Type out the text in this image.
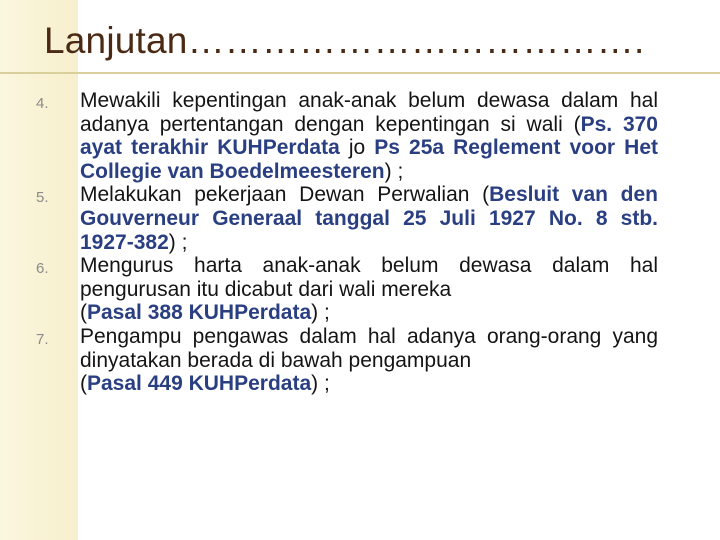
Lanjutan……………………………….
4.	Mewakili kepentingan anak-anak belum dewasa dalam hal adanya pertentangan dengan kepentingan si wali (Ps. 370 ayat terakhir KUHPerdata jo Ps 25a Reglement voor Het Collegie van Boedelmeesteren) ;
5.	Melakukan pekerjaan Dewan Perwalian (Besluit van den Gouverneur Generaal tanggal 25 Juli 1927 No. 8 stb. 1927-382) ;
6.	Mengurus harta anak-anak belum dewasa dalam hal pengurusan itu dicabut dari wali mereka
(Pasal 388 KUHPerdata) ;
7.	Pengampu pengawas dalam hal adanya orang-orang yang dinyatakan berada di bawah pengampuan
(Pasal 449 KUHPerdata) ;
